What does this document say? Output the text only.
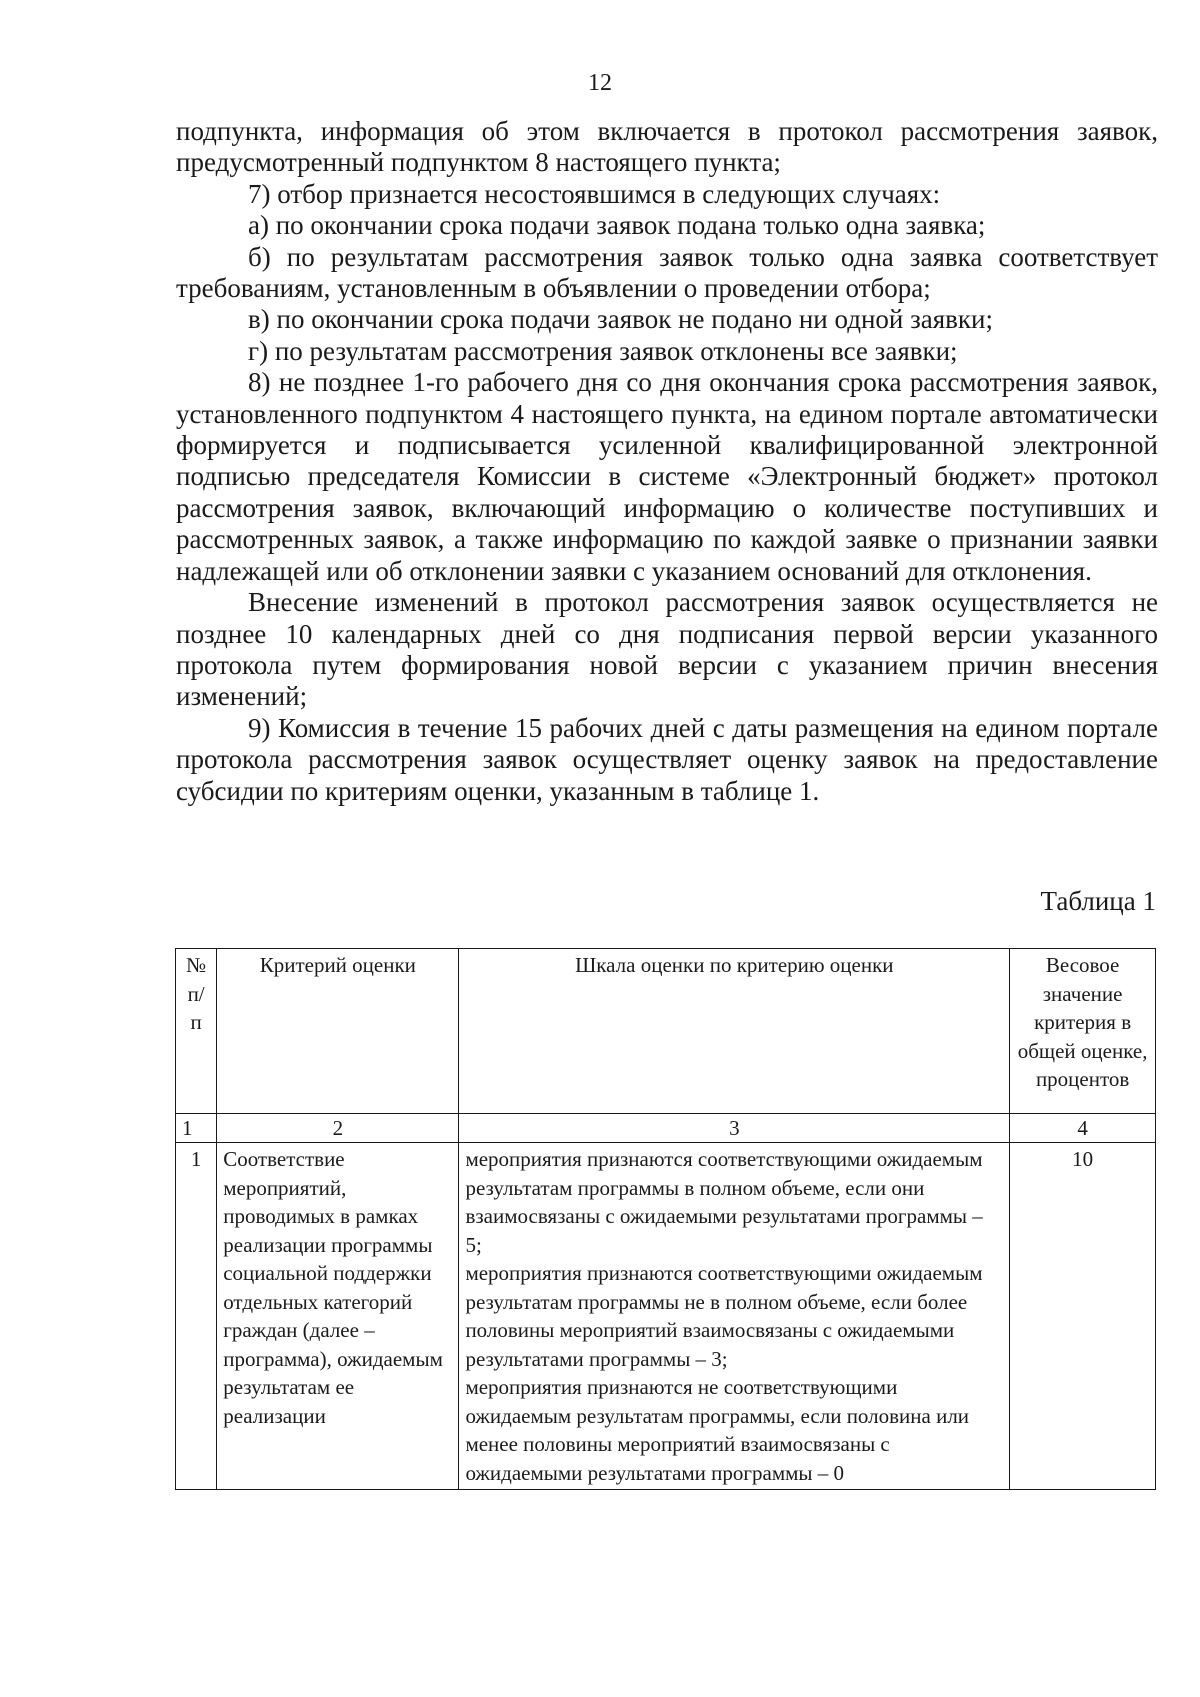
12

подпункта, информация об этом включается в протокол рассмотрения заявок, предусмотренный подпунктом 8 настоящего пункта;

7) отбор признается несостоявшимся в следующих случаях:

а) по окончании срока подачи заявок подана только одна заявка;

б) по результатам рассмотрения заявок только одна заявка соответствует требованиям, установленным в объявлении о проведении отбора;

в) по окончании срока подачи заявок не подано ни одной заявки;

г) по результатам рассмотрения заявок отклонены все заявки;

8) не позднее 1-го рабочего дня со дня окончания срока рассмотрения заявок, установленного подпунктом 4 настоящего пункта, на едином портале автоматически формируется и подписывается усиленной квалифицированной электронной подписью председателя Комиссии в системе «Электронный бюджет» протокол рассмотрения заявок, включающий информацию о количестве поступивших и рассмотренных заявок, а также информацию по каждой заявке о признании заявки надлежащей или об отклонении заявки с указанием оснований для отклонения.

Внесение изменений в протокол рассмотрения заявок осуществляется не позднее 10 календарных дней со дня подписания первой версии указанного протокола путем формирования новой версии с указанием причин внесения изменений;

9) Комиссия в течение 15 рабочих дней с даты размещения на едином портале протокола рассмотрения заявок осуществляет оценку заявок на предоставление субсидии по критериям оценки, указанным в таблице 1.

Таблица 1
№ п/п	Критерий оценки	Шкала оценки по критерию оценки	Весовое значение критерия в общей оценке, процентов
1	2	3	4
1	Соответствие мероприятий, проводимых в рамках реализации программы социальной поддержки отдельных категорий граждан (далее – программа), ожидаемым результатам ее реализации	мероприятия признаются соответствующими ожидаемым результатам программы в полном объеме, если они взаимосвязаны с ожидаемыми результатами программы – 5;
мероприятия признаются соответствующими ожидаемым результатам программы не в полном объеме, если более половины мероприятий взаимосвязаны с ожидаемыми результатами программы – 3;
мероприятия признаются не соответствующими ожидаемым результатам программы, если половина или менее половины мероприятий взаимосвязаны с ожидаемыми результатами программы – 0	10
